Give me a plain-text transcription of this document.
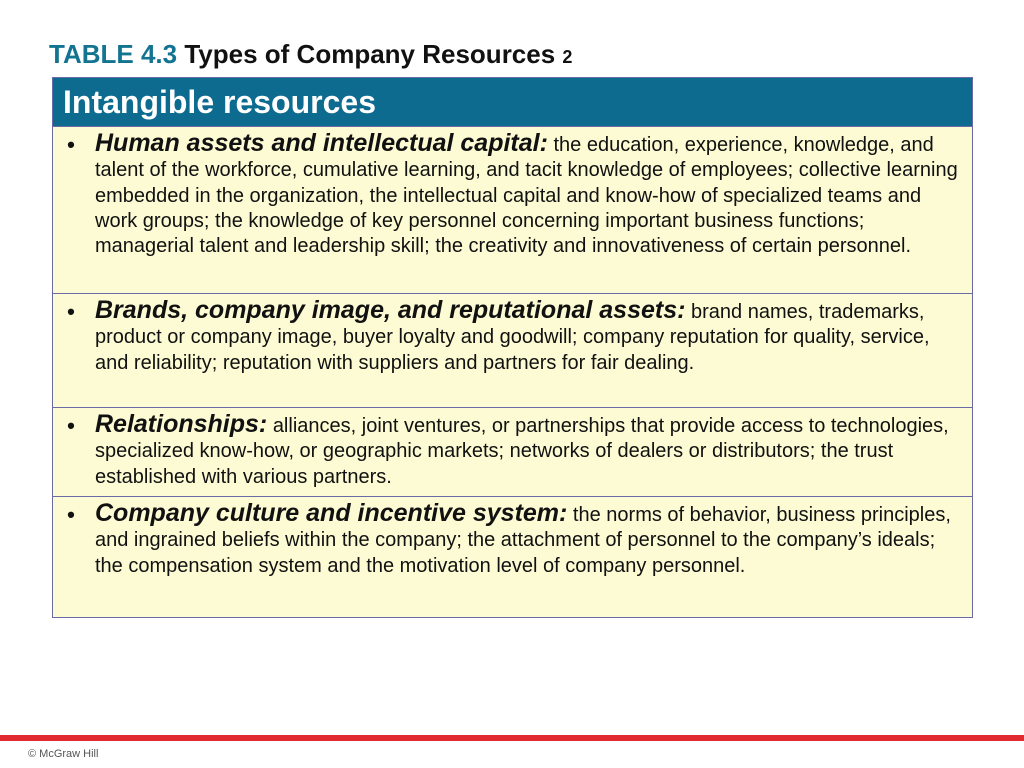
TABLE 4.3 Types of Company Resources 2
Intangible resources
• Human assets and intellectual capital: the education, experience, knowledge, and talent of the workforce, cumulative learning, and tacit knowledge of employees; collective learning embedded in the organization, the intellectual capital and know-how of specialized teams and work groups; the knowledge of key personnel concerning important business functions; managerial talent and leadership skill; the creativity and innovativeness of certain personnel.
• Brands, company image, and reputational assets: brand names, trademarks, product or company image, buyer loyalty and goodwill; company reputation for quality, service, and reliability; reputation with suppliers and partners for fair dealing.
• Relationships: alliances, joint ventures, or partnerships that provide access to technologies, specialized know-how, or geographic markets; networks of dealers or distributors; the trust established with various partners.
• Company culture and incentive system: the norms of behavior, business principles, and ingrained beliefs within the company; the attachment of personnel to the company’s ideals; the compensation system and the motivation level of company personnel.
© McGraw Hill
